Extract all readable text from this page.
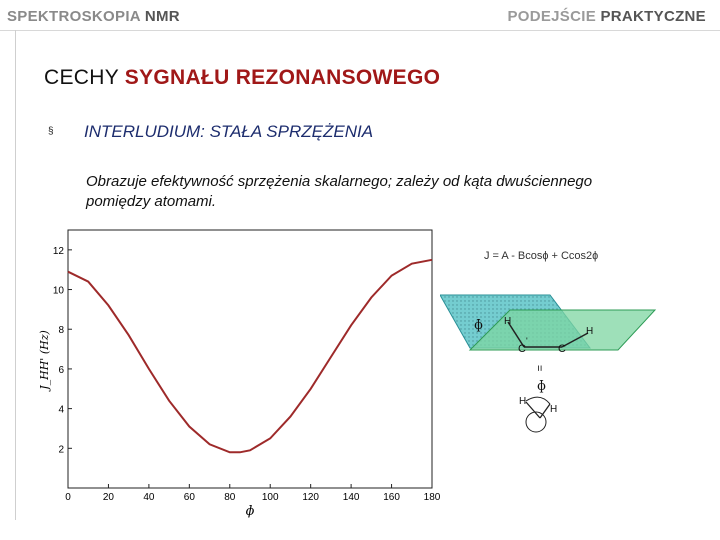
SPEKTROSKOPIA NMR	PODEJŚCIE PRAKTYCZNE
CECHY SYGNAŁU REZONANSOWEGO
§ INTERLUDIUM: STAŁA SPRZĘŻENIA
Obrazuje efektywność sprzężenia skalarnego; zależy od kąta dwuściennego pomiędzy atomami.
0	20	40	60	80	100 120 140 160 180
2
4
6
8
10
12
ɸ
J_HH' (Hz)
J = A - Bcosɸ + Ccos2ɸ
C
'
C
H
H
ɸ
=
ɸ
H
H
